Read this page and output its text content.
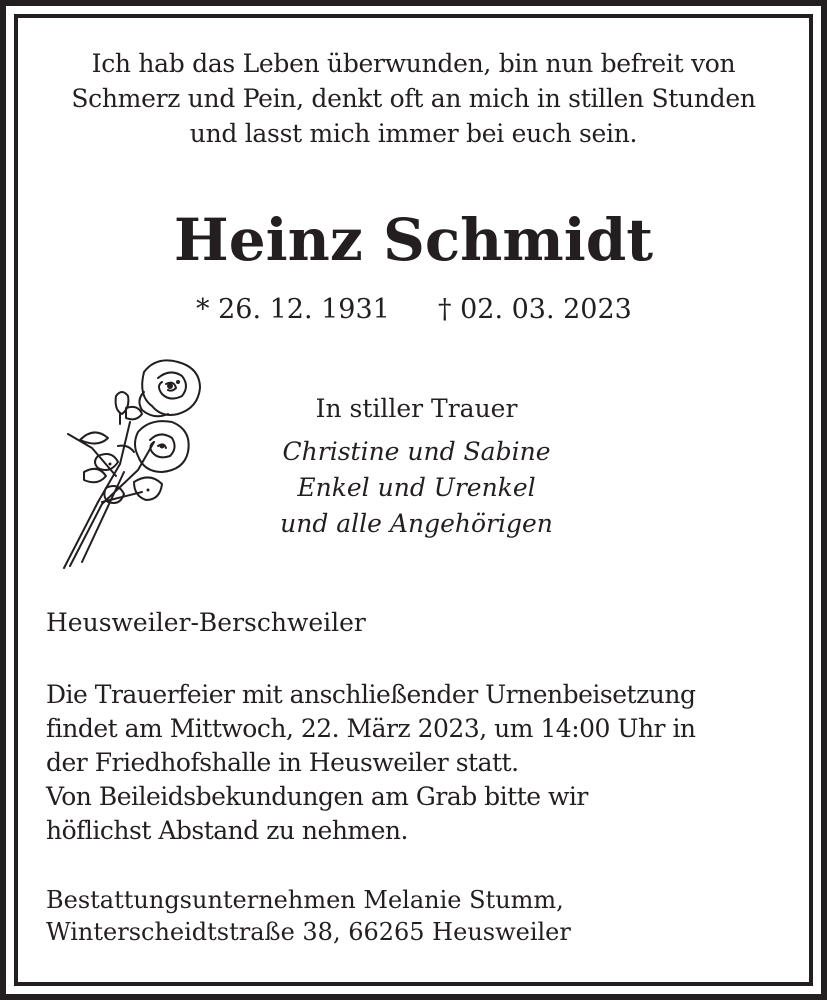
Ich hab das Leben überwunden, bin nun befreit von
Schmerz und Pein, denkt oft an mich in stillen Stunden
und lasst mich immer bei euch sein.
Heinz Schmidt
* 26. 12. 1931 † 02. 03. 2023
In stiller Trauer
Christine und Sabine
Enkel und Urenkel
und alle Angehörigen
Heusweiler-Berschweiler
Die Trauerfeier mit anschließender Urnenbeisetzung
findet am Mittwoch, 22. März 2023, um 14:00 Uhr in
der Friedhofshalle in Heusweiler statt.
Von Beileidsbekundungen am Grab bitte wir
höflichst Abstand zu nehmen.
Bestattungsunternehmen Melanie Stumm,
Winterscheidtstraße 38, 66265 Heusweiler
